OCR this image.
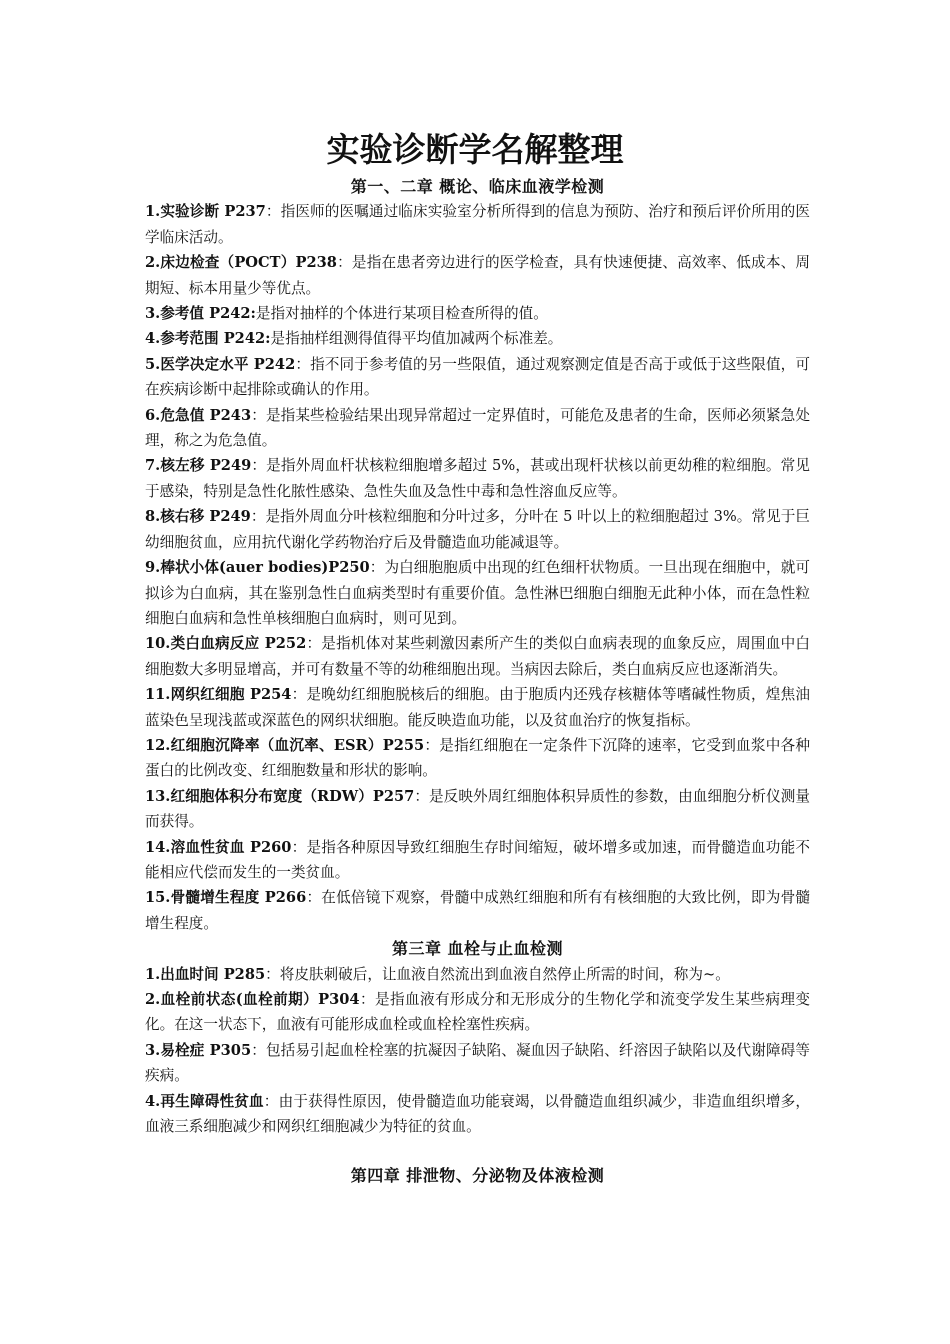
实验诊断学名解整理
第一、二章 概论、临床血液学检测

1.实验诊断 P237：指医师的医嘱通过临床实验室分析所得到的信息为预防、治疗和预后评价所用的医学临床活动。

2.床边检查（POCT）P238：是指在患者旁边进行的医学检查，具有快速便捷、高效率、低成本、周期短、标本用量少等优点。

3.参考值 P242:是指对抽样的个体进行某项目检查所得的值。

4.参考范围 P242:是指抽样组测得值得平均值加减两个标准差。

5.医学决定水平 P242：指不同于参考值的另一些限值，通过观察测定值是否高于或低于这些限值，可在疾病诊断中起排除或确认的作用。

6.危急值 P243：是指某些检验结果出现异常超过一定界值时，可能危及患者的生命，医师必须紧急处理，称之为危急值。

7.核左移 P249：是指外周血杆状核粒细胞增多超过 5%，甚或出现杆状核以前更幼稚的粒细胞。常见于感染，特别是急性化脓性感染、急性失血及急性中毒和急性溶血反应等。

8.核右移 P249：是指外周血分叶核粒细胞和分叶过多，分叶在 5 叶以上的粒细胞超过 3%。常见于巨幼细胞贫血，应用抗代谢化学药物治疗后及骨髓造血功能减退等。

9.棒状小体(auer bodies)P250：为白细胞胞质中出现的红色细杆状物质。一旦出现在细胞中，就可拟诊为白血病，其在鉴别急性白血病类型时有重要价值。急性淋巴细胞白细胞无此种小体，而在急性粒细胞白血病和急性单核细胞白血病时，则可见到。

10.类白血病反应 P252：是指机体对某些刺激因素所产生的类似白血病表现的血象反应，周围血中白细胞数大多明显增高，并可有数量不等的幼稚细胞出现。当病因去除后，类白血病反应也逐渐消失。

11.网织红细胞 P254：是晚幼红细胞脱核后的细胞。由于胞质内还残存核糖体等嗜碱性物质，煌焦油蓝染色呈现浅蓝或深蓝色的网织状细胞。能反映造血功能，以及贫血治疗的恢复指标。

12.红细胞沉降率（血沉率、ESR）P255：是指红细胞在一定条件下沉降的速率，它受到血浆中各种蛋白的比例改变、红细胞数量和形状的影响。

13.红细胞体积分布宽度（RDW）P257：是反映外周红细胞体积异质性的参数，由血细胞分析仪测量而获得。

14.溶血性贫血 P260：是指各种原因导致红细胞生存时间缩短，破坏增多或加速，而骨髓造血功能不能相应代偿而发生的一类贫血。

15.骨髓增生程度 P266：在低倍镜下观察，骨髓中成熟红细胞和所有有核细胞的大致比例，即为骨髓增生程度。

第三章 血栓与止血检测

1.出血时间 P285：将皮肤刺破后，让血液自然流出到血液自然停止所需的时间，称为~。

2.血栓前状态(血栓前期）P304：是指血液有形成分和无形成分的生物化学和流变学发生某些病理变化。在这一状态下，血液有可能形成血栓或血栓栓塞性疾病。

3.易栓症 P305：包括易引起血栓栓塞的抗凝因子缺陷、凝血因子缺陷、纤溶因子缺陷以及代谢障碍等疾病。

4.再生障碍性贫血：由于获得性原因，使骨髓造血功能衰竭，以骨髓造血组织减少，非造血组织增多，血液三系细胞减少和网织红细胞减少为特征的贫血。

第四章 排泄物、分泌物及体液检测
